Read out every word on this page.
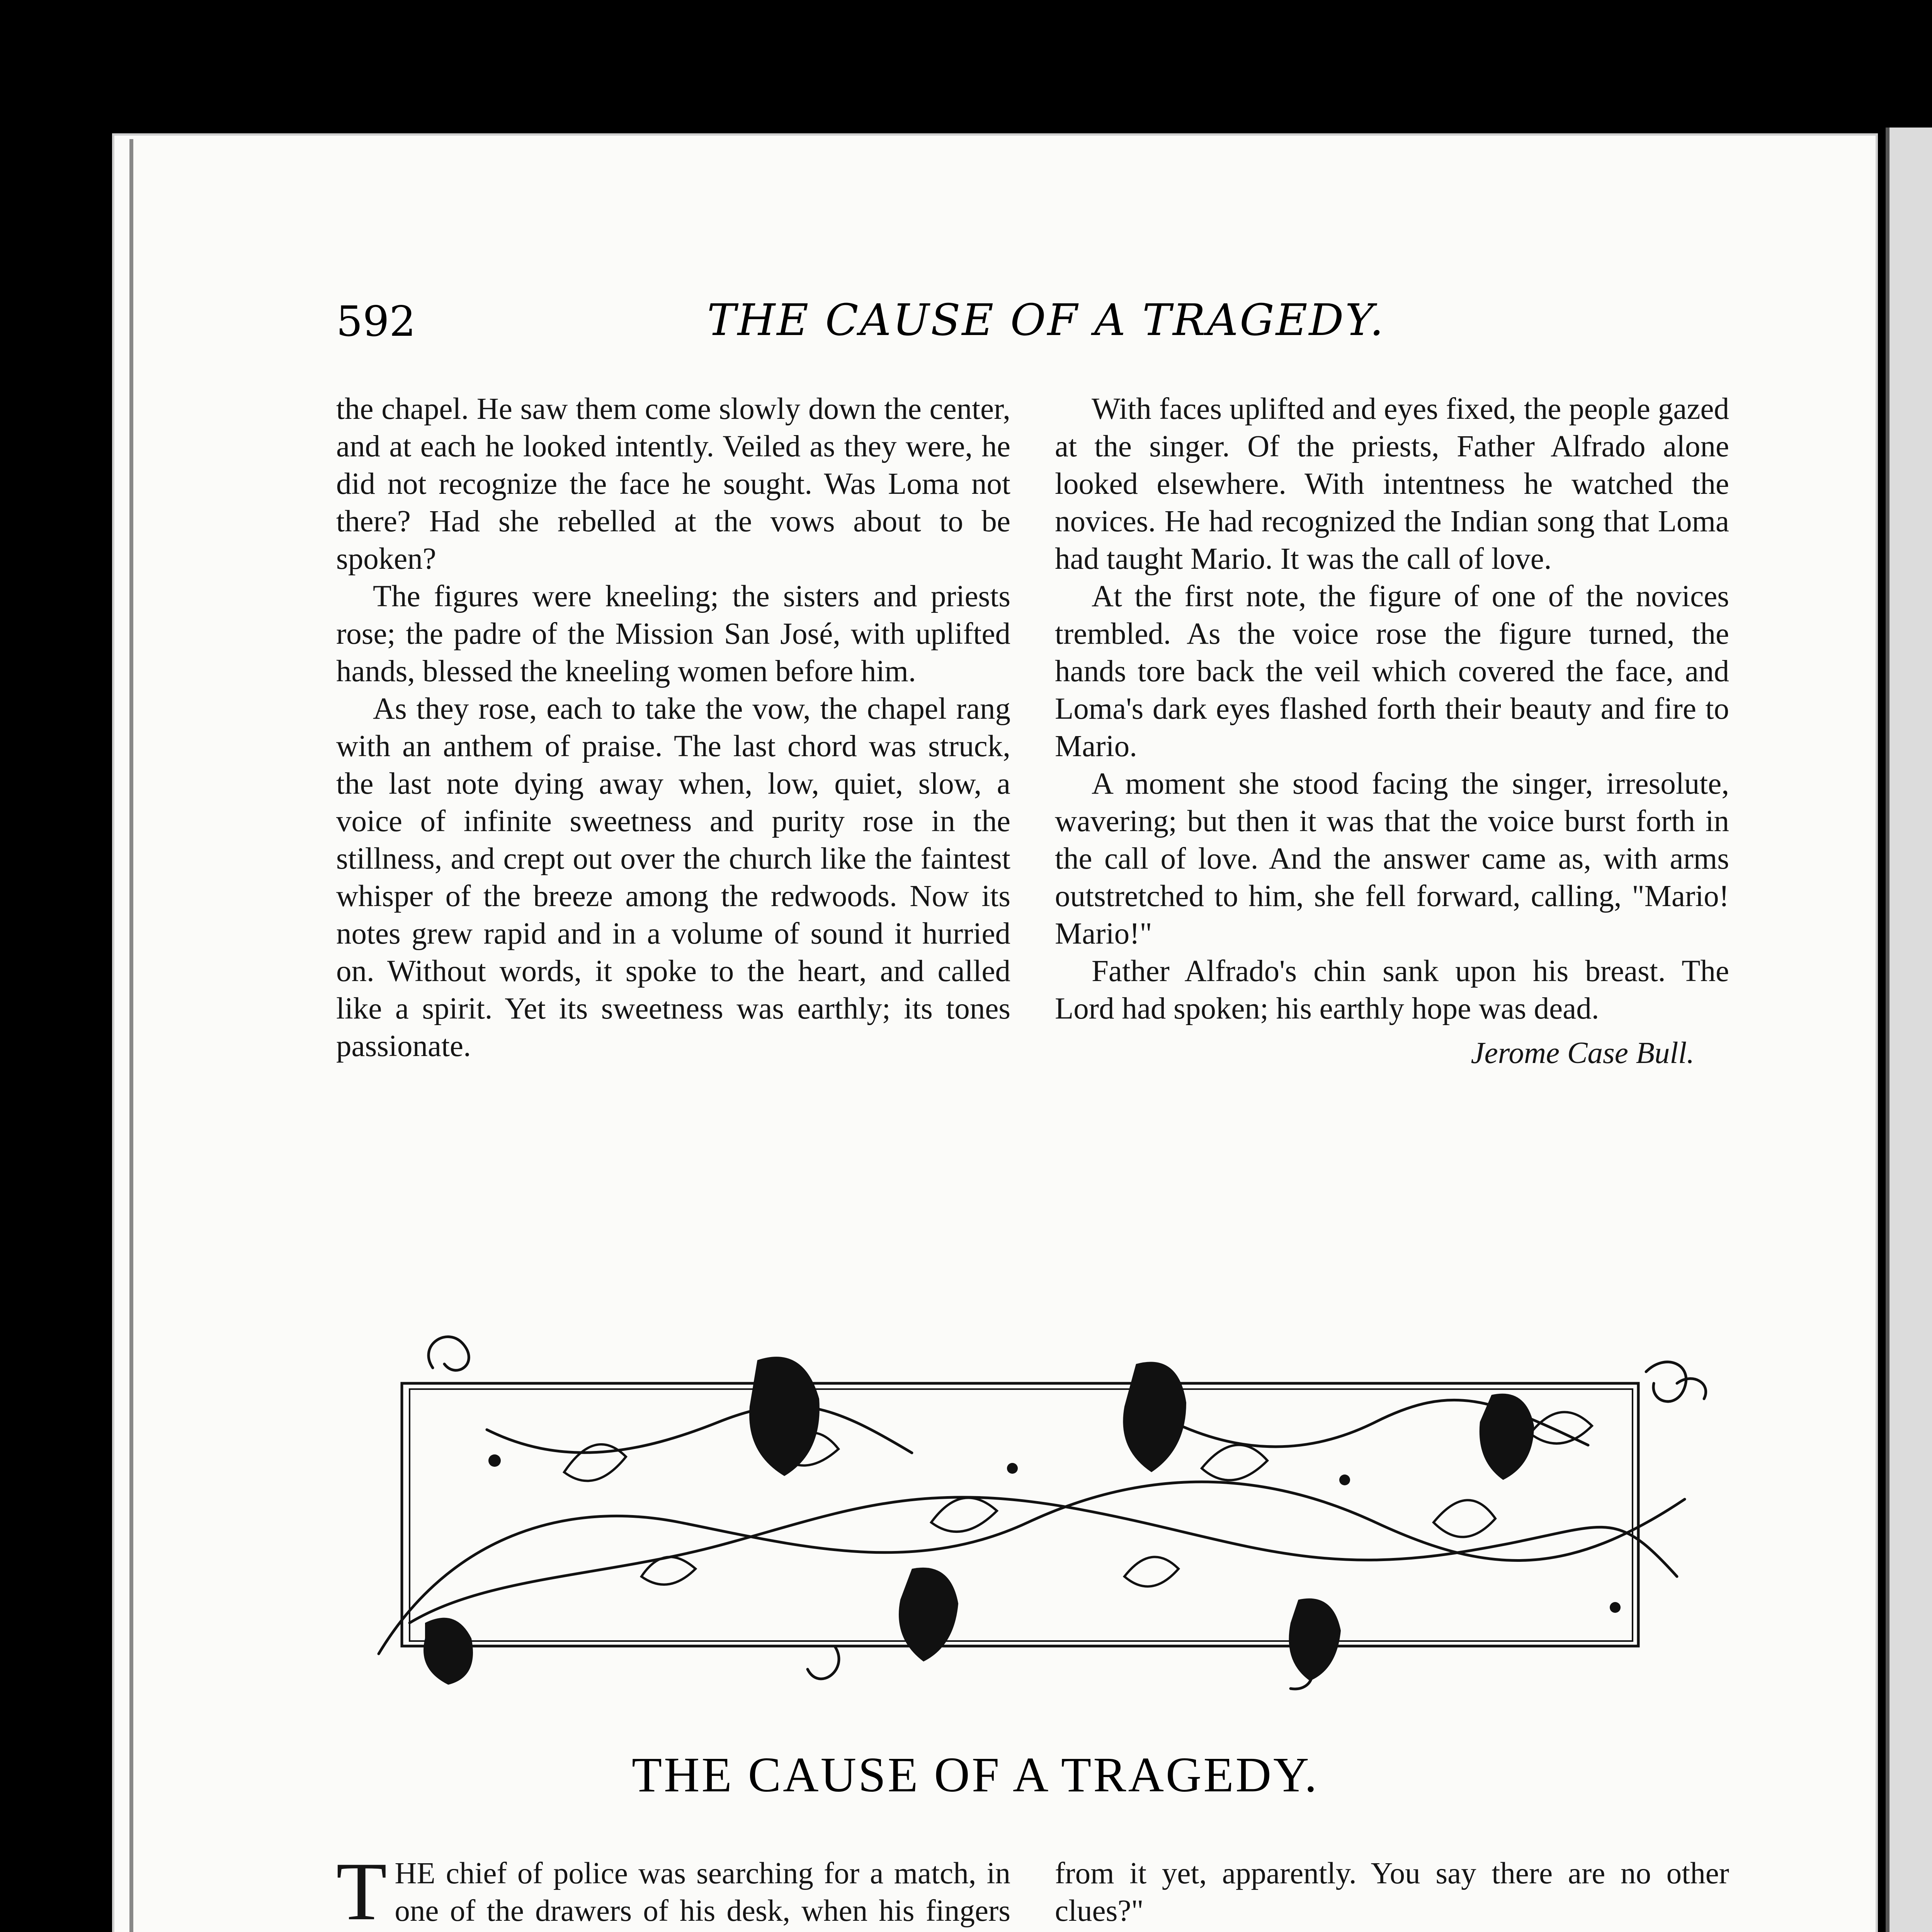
592	THE CAUSE OF A TRAGEDY.

the chapel. He saw them come slowly down the center, and at each he looked intently. Veiled as they were, he did not recognize the face he sought. Was Loma not there? Had she rebelled at the vows about to be spoken?

The figures were kneeling; the sisters and priests rose; the padre of the Mission San José, with uplifted hands, blessed the kneeling women before him.

As they rose, each to take the vow, the chapel rang with an anthem of praise. The last chord was struck, the last note dying away when, low, quiet, slow, a voice of infinite sweetness and purity rose in the stillness, and crept out over the church like the faintest whisper of the breeze among the redwoods. Now its notes grew rapid and in a volume of sound it hurried on. Without words, it spoke to the heart, and called like a spirit. Yet its sweetness was earthly; its tones passionate.

With faces uplifted and eyes fixed, the people gazed at the singer. Of the priests, Father Alfrado alone looked elsewhere. With intentness he watched the novices. He had recognized the Indian song that Loma had taught Mario. It was the call of love.

At the first note, the figure of one of the novices trembled. As the voice rose the figure turned, the hands tore back the veil which covered the face, and Loma's dark eyes flashed forth their beauty and fire to Mario.

A moment she stood facing the singer, irresolute, wavering; but then it was that the voice burst forth in the call of love. And the answer came as, with arms outstretched to him, she fell forward, calling, "Mario! Mario!"

Father Alfrado's chin sank upon his breast. The Lord had spoken; his earthly hope was dead.

Jerome Case Bull.

THE CAUSE OF A TRAGEDY.

THE chief of police was searching for a match, in one of the drawers of his desk, when his fingers

from it yet, apparently. You say there are no other clues?"
